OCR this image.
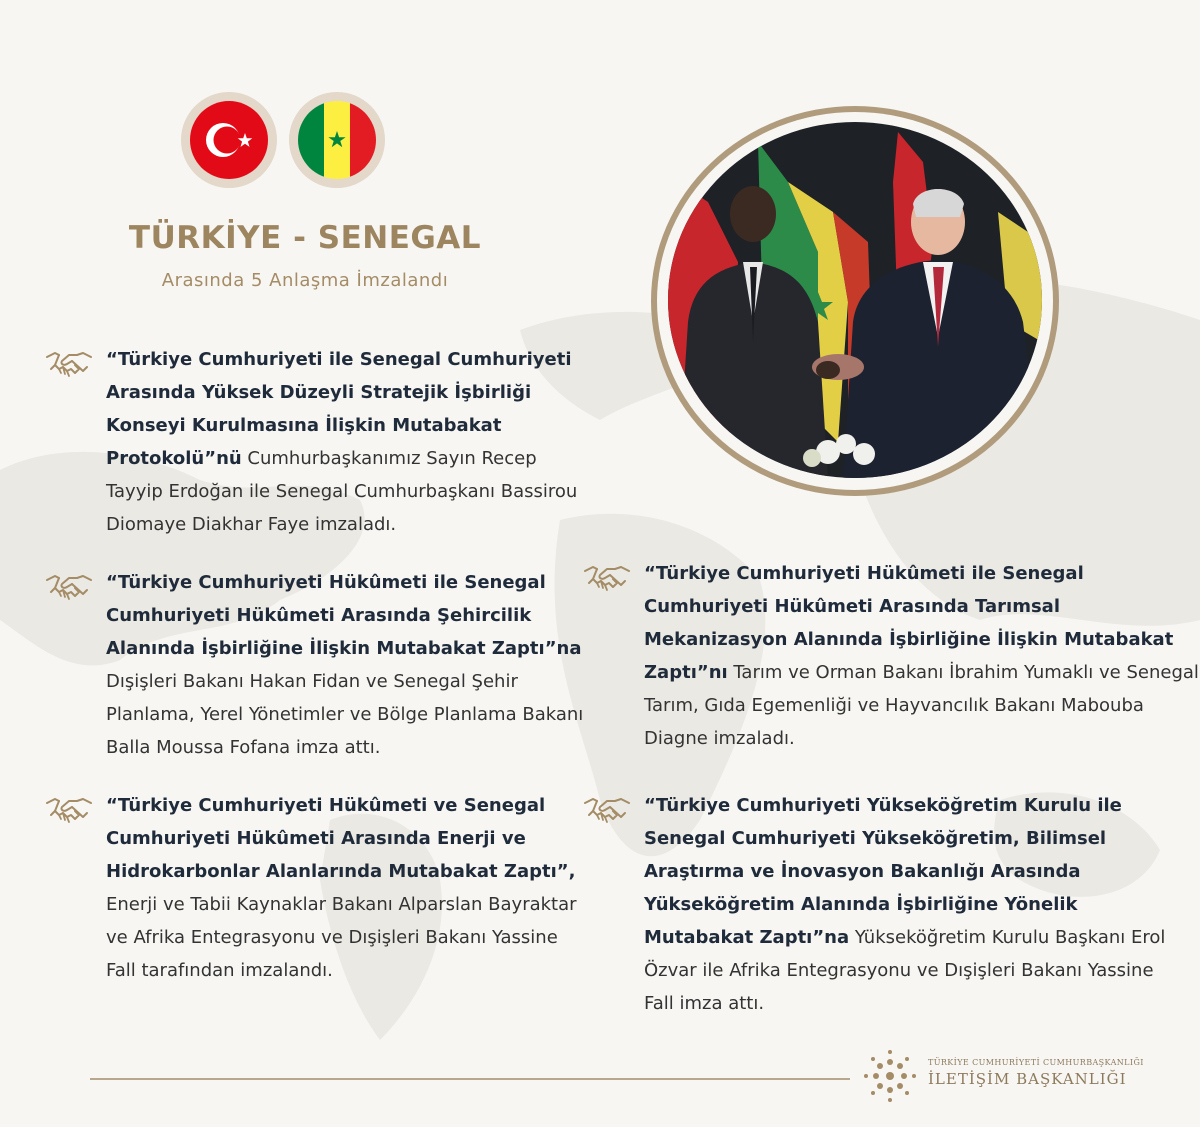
TÜRKİYE - SENEGAL
Arasında 5 Anlaşma İmzalandı
“Türkiye Cumhuriyeti ile Senegal Cumhuriyeti Arasında Yüksek Düzeyli Stratejik İşbirliği Konseyi Kurulmasına İlişkin Mutabakat Protokolü”nü Cumhurbaşkanımız Sayın Recep Tayyip Erdoğan ile Senegal Cumhurbaşkanı Bassirou Diomaye Diakhar Faye imzaladı.
“Türkiye Cumhuriyeti Hükûmeti ile Senegal Cumhuriyeti Hükûmeti Arasında Şehircilik Alanında İşbirliğine İlişkin Mutabakat Zaptı”na Dışişleri Bakanı Hakan Fidan ve Senegal Şehir Planlama, Yerel Yönetimler ve Bölge Planlama Bakanı Balla Moussa Fofana imza attı.
“Türkiye Cumhuriyeti Hükûmeti ve Senegal Cumhuriyeti Hükûmeti Arasında Enerji ve Hidrokarbonlar Alanlarında Mutabakat Zaptı”, Enerji ve Tabii Kaynaklar Bakanı Alparslan Bayraktar ve Afrika Entegrasyonu ve Dışişleri Bakanı Yassine Fall tarafından imzalandı.
“Türkiye Cumhuriyeti Hükûmeti ile Senegal Cumhuriyeti Hükûmeti Arasında Tarımsal Mekanizasyon Alanında İşbirliğine İlişkin Mutabakat Zaptı”nı Tarım ve Orman Bakanı İbrahim Yumaklı ve Senegal Tarım, Gıda Egemenliği ve Hayvancılık Bakanı Mabouba Diagne imzaladı.
“Türkiye Cumhuriyeti Yükseköğretim Kurulu ile Senegal Cumhuriyeti Yükseköğretim, Bilimsel Araştırma ve İnovasyon Bakanlığı Arasında Yükseköğretim Alanında İşbirliğine Yönelik Mutabakat Zaptı”na Yükseköğretim Kurulu Başkanı Erol Özvar ile Afrika Entegrasyonu ve Dışişleri Bakanı Yassine Fall imza attı.
TÜRKİYE CUMHURİYETİ CUMHURBAŞKANLIĞI
İLETİŞİM BAŞKANLIĞI
